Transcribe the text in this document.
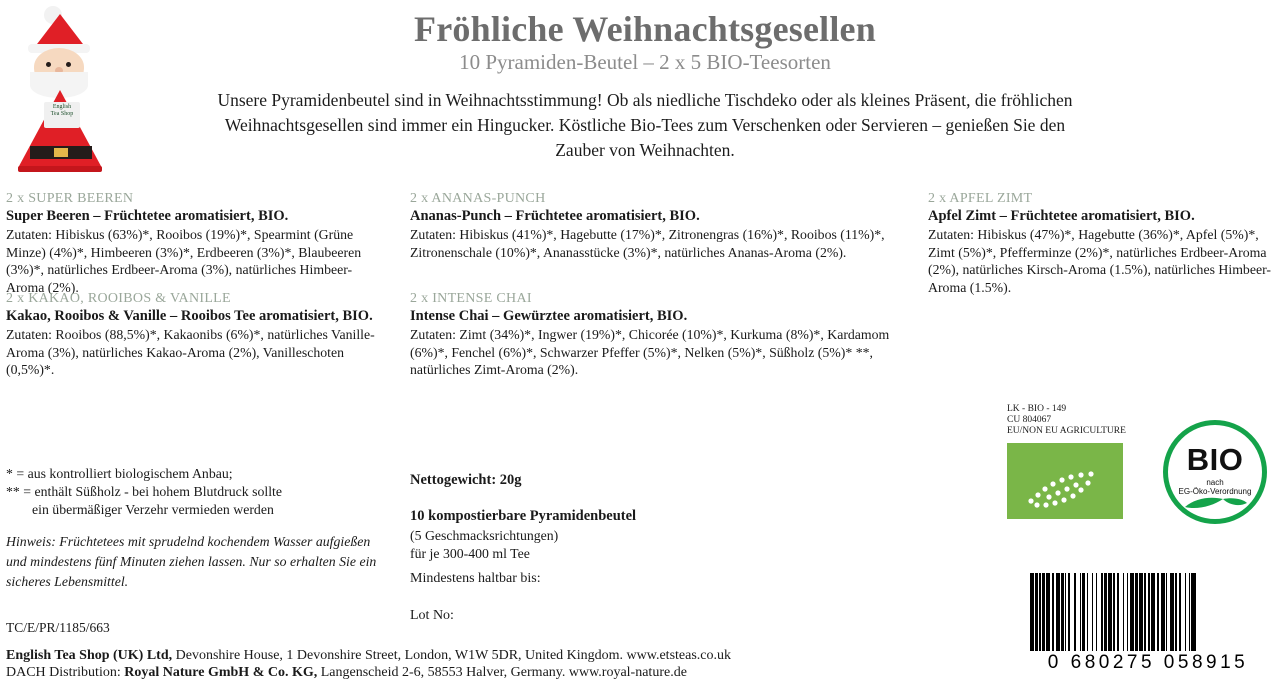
English
Tea Shop
Fröhliche Weihnachtsgesellen
10 Pyramiden-Beutel – 2 x 5 BIO-Teesorten
Unsere Pyramidenbeutel sind in Weihnachtsstimmung! Ob als niedliche Tischdeko oder als kleines Präsent, die fröhlichen Weihnachtsgesellen sind immer ein Hingucker. Köstliche Bio-Tees zum Verschenken oder Servieren – genießen Sie den Zauber von Weihnachten.
2 x SUPER BEEREN
Super Beeren – Früchtetee aromatisiert, BIO.
Zutaten: Hibiskus (63%)*, Rooibos (19%)*, Spearmint (Grüne Minze) (4%)*, Himbeeren (3%)*, Erdbeeren (3%)*, Blaubeeren (3%)*, natürliches Erdbeer-Aroma (3%), natürliches Himbeer-Aroma (2%).
2 x ANANAS-PUNCH
Ananas-Punch – Früchtetee aromatisiert, BIO.
Zutaten: Hibiskus (41%)*, Hagebutte (17%)*, Zitronengras (16%)*, Rooibos (11%)*, Zitronenschale (10%)*, Ananasstücke (3%)*, natürliches Ananas-Aroma (2%).
2 x APFEL ZIMT
Apfel Zimt – Früchtetee aromatisiert, BIO.
Zutaten: Hibiskus (47%)*, Hagebutte (36%)*, Apfel (5%)*, Zimt (5%)*, Pfefferminze (2%)*, natürliches Erdbeer-Aroma (2%), natürliches Kirsch-Aroma (1.5%), natürliches Himbeer-Aroma (1.5%).
2 x KAKAO, ROOIBOS & VANILLE
Kakao, Rooibos & Vanille – Rooibos Tee aromatisiert, BIO.
Zutaten: Rooibos (88,5%)*, Kakaonibs (6%)*, natürliches Vanille-Aroma (3%), natürliches Kakao-Aroma (2%), Vanilleschoten (0,5%)*.
2 x INTENSE CHAI
Intense Chai – Gewürztee aromatisiert, BIO.
Zutaten: Zimt (34%)*, Ingwer (19%)*, Chicorée (10%)*, Kurkuma (8%)*, Kardamom (6%)*, Fenchel (6%)*, Schwarzer Pfeffer (5%)*, Nelken (5%)*, Süßholz (5%)* **, natürliches Zimt-Aroma (2%).
* = aus kontrolliert biologischem Anbau;
** = enthält Süßholz - bei hohem Blutdruck sollte
ein übermäßiger Verzehr vermieden werden
Hinweis: Früchtetees mit sprudelnd kochendem Wasser aufgießen und mindestens fünf Minuten ziehen lassen. Nur so erhalten Sie ein sicheres Lebensmittel.
TC/E/PR/1185/663
Nettogewicht: 20g
10 kompostierbare Pyramidenbeutel
(5 Geschmacksrichtungen)
für je 300-400 ml Tee
Mindestens haltbar bis:
Lot No:
English Tea Shop (UK) Ltd, Devonshire House, 1 Devonshire Street, London, W1W 5DR, United Kingdom. www.etsteas.co.uk
DACH Distribution: Royal Nature GmbH & Co. KG, Langenscheid 2-6, 58553 Halver, Germany. www.royal-nature.de
LK - BIO - 149
CU 804067
EU/NON EU AGRICULTURE
BIO
nach
EG-Öko-Verordnung
0 680275 058915
